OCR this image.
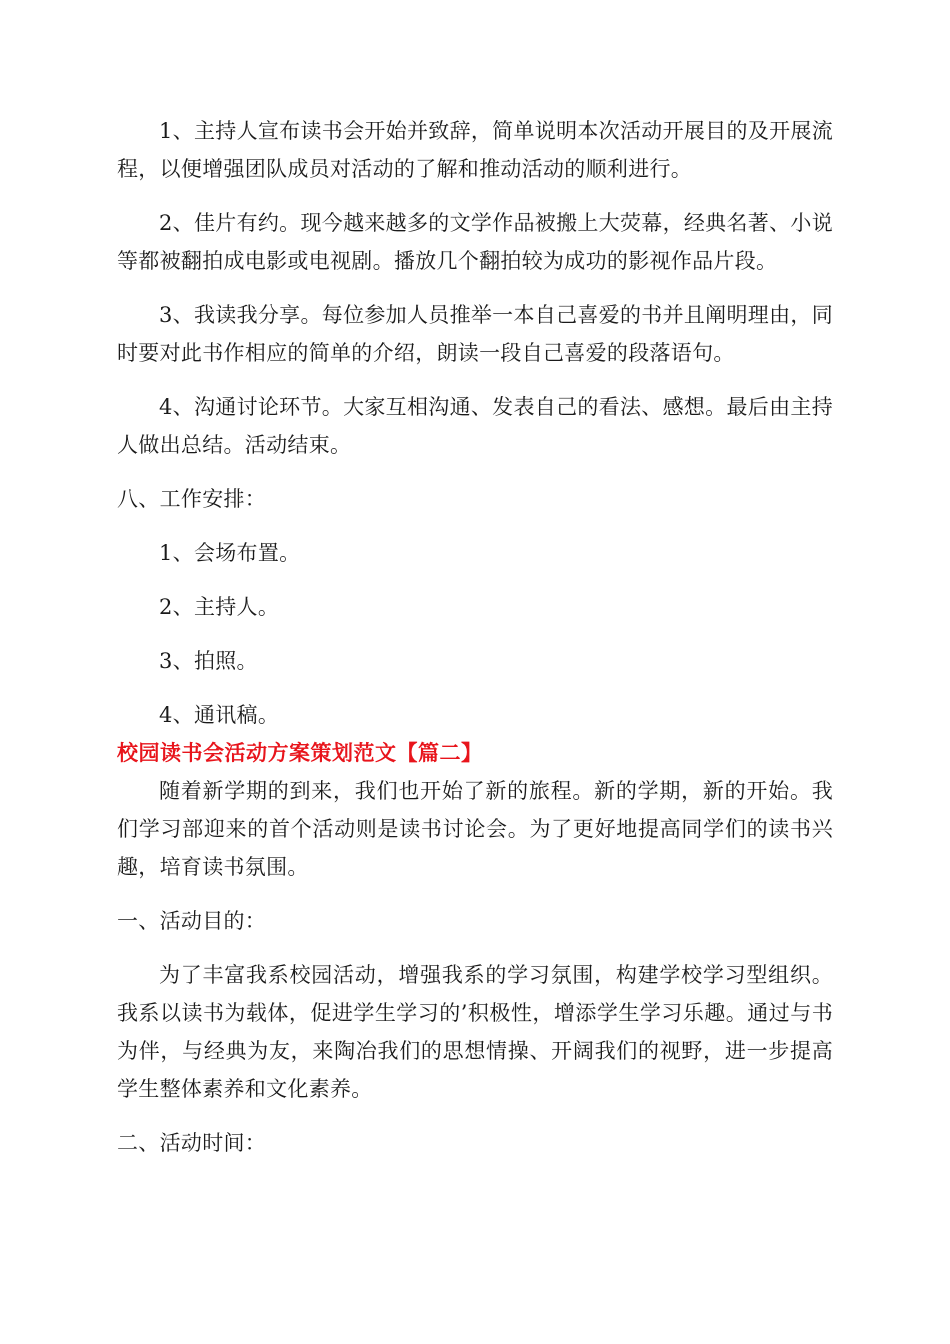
1、主持人宣布读书会开始并致辞，简单说明本次活动开展目的及开展流程，以便增强团队成员对活动的了解和推动活动的顺利进行。

2、佳片有约。现今越来越多的文学作品被搬上大荧幕，经典名著、小说等都被翻拍成电影或电视剧。播放几个翻拍较为成功的影视作品片段。

3、我读我分享。每位参加人员推举一本自己喜爱的书并且阐明理由，同时要对此书作相应的简单的介绍，朗读一段自己喜爱的段落语句。

4、沟通讨论环节。大家互相沟通、发表自己的看法、感想。最后由主持人做出总结。活动结束。

八、工作安排：

1、会场布置。

2、主持人。

3、拍照。

4、通讯稿。

校园读书会活动方案策划范文【篇二】

随着新学期的到来，我们也开始了新的旅程。新的学期，新的开始。我们学习部迎来的首个活动则是读书讨论会。为了更好地提高同学们的读书兴趣，培育读书氛围。

一、活动目的：

为了丰富我系校园活动，增强我系的学习氛围，构建学校学习型组织。我系以读书为载体，促进学生学习的’积极性，增添学生学习乐趣。通过与书为伴，与经典为友，来陶冶我们的思想情操、开阔我们的视野，进一步提高学生整体素养和文化素养。

二、活动时间：
